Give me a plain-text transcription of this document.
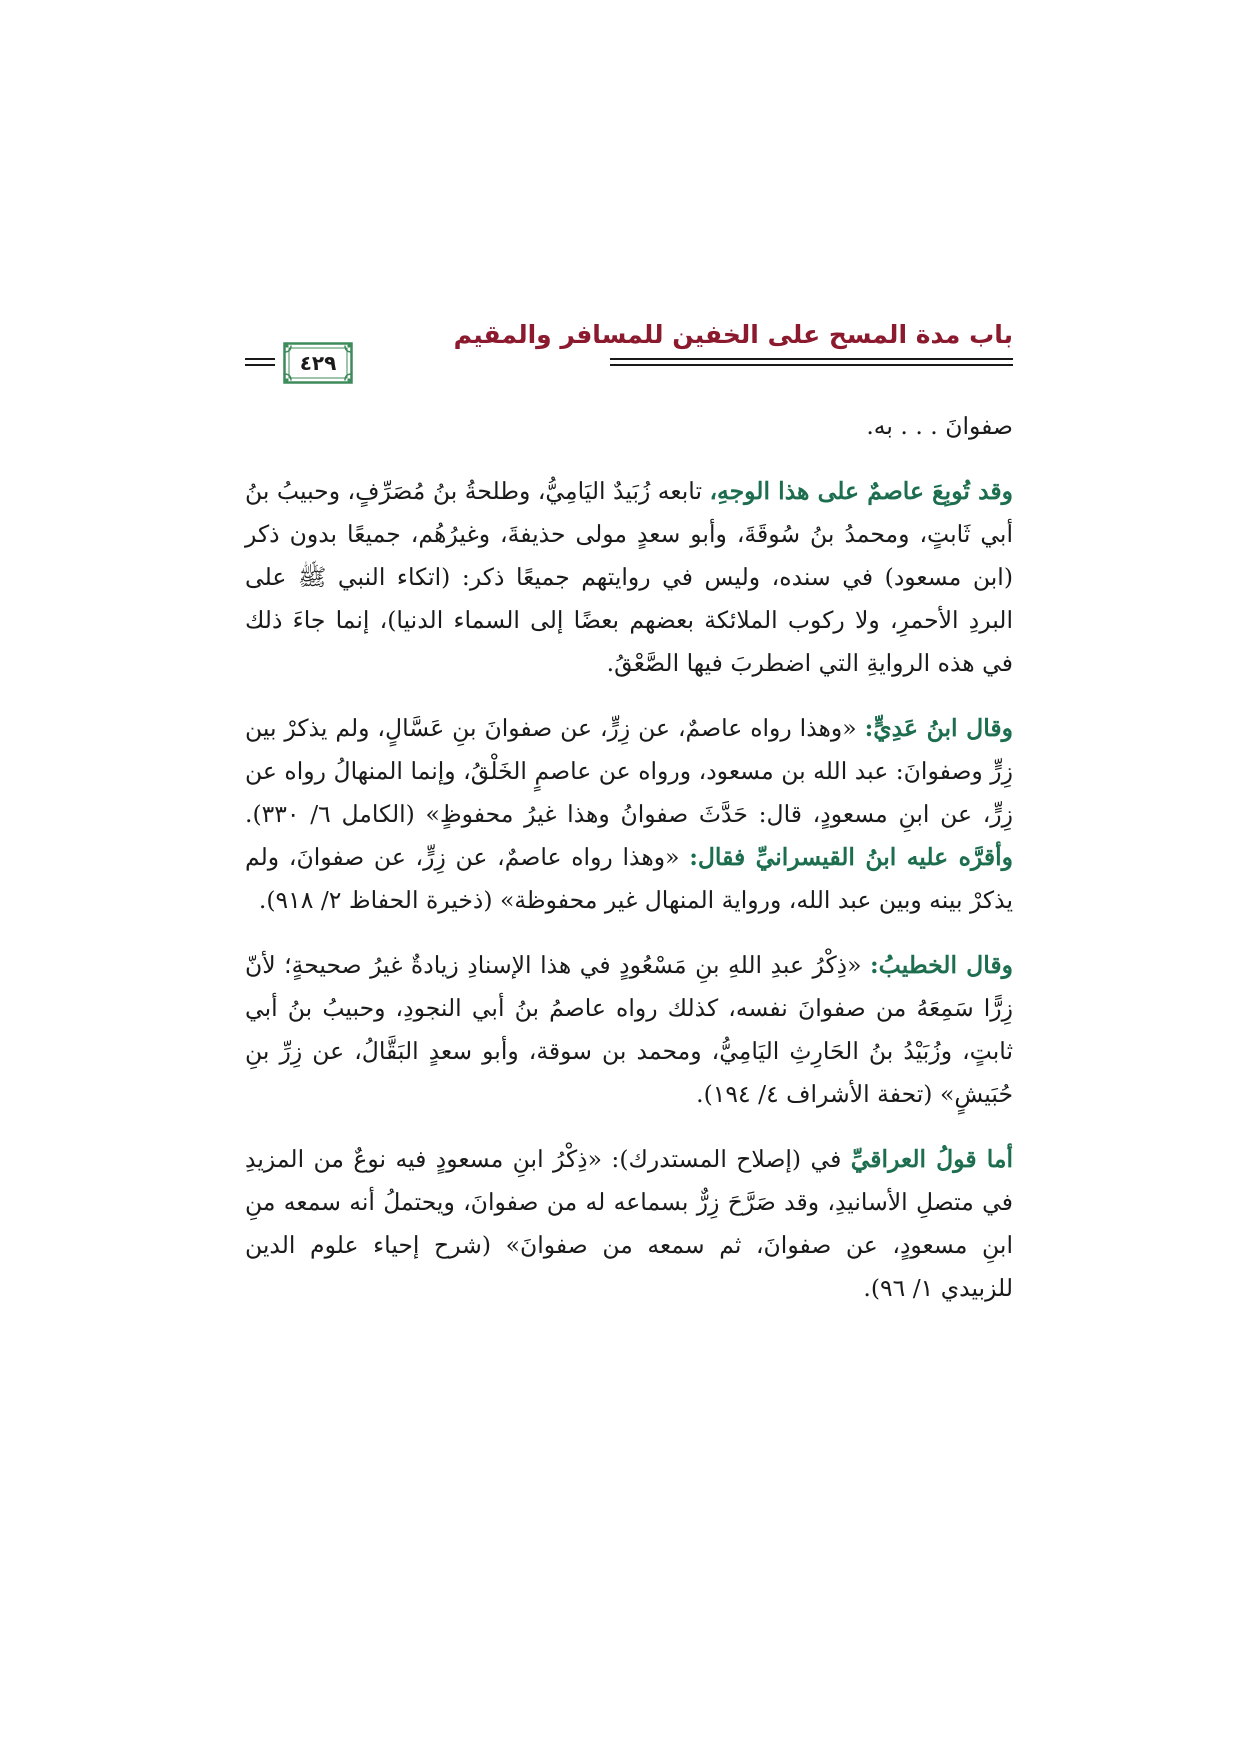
باب مدة المسح على الخفين للمسافر والمقيم
٤٢٩

صفوانَ . . . به.

وقد تُوبِعَ عاصمٌ على هذا الوجهِ، تابعه زُبَيدٌ اليَامِيُّ، وطلحةُ بنُ مُصَرِّفٍ، وحبيبُ بنُ أبي ثَابتٍ، ومحمدُ بنُ سُوقَةَ، وأبو سعدٍ مولى حذيفةَ، وغيرُهُم، جميعًا بدون ذكر (ابن مسعود) في سنده، وليس في روايتهم جميعًا ذكر: (اتكاء النبي ﷺ على البردِ الأحمرِ، ولا ركوب الملائكة بعضهم بعضًا إلى السماء الدنيا)، إنما جاءَ ذلك في هذه الروايةِ التي اضطربَ فيها الصَّعْقُ.

وقال ابنُ عَدِيٍّ: «وهذا رواه عاصمٌ، عن زِرٍّ، عن صفوانَ بنِ عَسَّالٍ، ولم يذكرْ بين زِرٍّ وصفوانَ: عبد الله بن مسعود، ورواه عن عاصمٍ الخَلْقُ، وإنما المنهالُ رواه عن زِرٍّ، عن ابنِ مسعودٍ، قال: حَدَّثَ صفوانُ وهذا غيرُ محفوظٍ» (الكامل ٦/ ٣٣٠). وأقرَّه عليه ابنُ القيسرانيِّ فقال: «وهذا رواه عاصمٌ، عن زِرٍّ، عن صفوانَ، ولم يذكرْ بينه وبين عبد الله، ورواية المنهال غير محفوظة» (ذخيرة الحفاظ ٢/ ٩١٨).

وقال الخطيبُ: «ذِكْرُ عبدِ اللهِ بنِ مَسْعُودٍ في هذا الإسنادِ زيادةٌ غيرُ صحيحةٍ؛ لأنّ زِرًّا سَمِعَهُ من صفوانَ نفسه، كذلك رواه عاصمُ بنُ أبي النجودِ، وحبيبُ بنُ أبي ثابتٍ، وزُبَيْدُ بنُ الحَارِثِ اليَامِيُّ، ومحمد بن سوقة، وأبو سعدٍ البَقَّالُ، عن زِرِّ بنِ حُبَيشٍ» (تحفة الأشراف ٤/ ١٩٤).

أما قولُ العراقيِّ في (إصلاح المستدرك): «ذِكْرُ ابنِ مسعودٍ فيه نوعٌ من المزيدِ في متصلِ الأسانيدِ، وقد صَرَّحَ زِرٌّ بسماعه له من صفوانَ، ويحتملُ أنه سمعه منِ ابنِ مسعودٍ، عن صفوانَ، ثم سمعه من صفوانَ» (شرح إحياء علوم الدين للزبيدي ١/ ٩٦).
